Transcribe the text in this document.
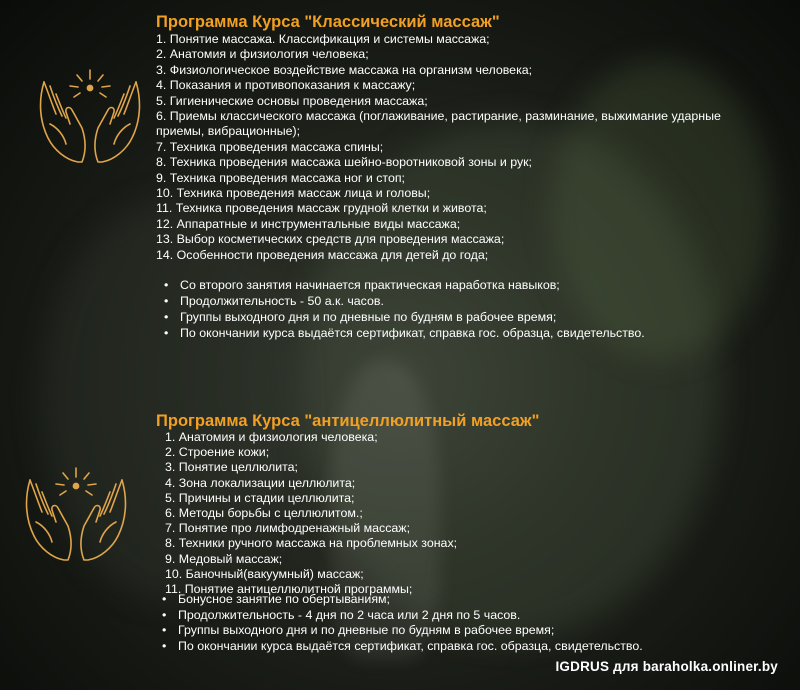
Программа Курса "Классический массаж"
1. Понятие массажа. Классификация и системы массажа;
2. Анатомия и физиология человека;
3. Физиологическое воздействие массажа на организм человека;
4. Показания и противопоказания к массажу;
5. Гигиенические основы проведения массажа;
6. Приемы классического массажа (поглаживание, растирание, разминание, выжимание ударные
приемы, вибрационные);
7. Техника проведения массажа спины;
8. Техника проведения массажа шейно-воротниковой зоны и рук;
9. Техника проведения массажа ног и стоп;
10. Техника проведения массаж лица и головы;
11. Техника проведения массаж грудной клетки и живота;
12. Аппаратные и инструментальные виды массажа;
13. Выбор косметических средств для проведения массажа;
14. Особенности проведения массажа для детей до года;
• Со второго занятия начинается практическая наработка навыков;
• Продолжительность - 50 а.к. часов.
• Группы выходного дня и по дневные по будням в рабочее время;
• По окончании курса выдаётся сертификат, справка гос. образца, свидетельство.
Программа Курса "антицеллюлитный массаж"
1. Анатомия и физиология человека;
2. Строение кожи;
3. Понятие целлюлита;
4. Зона локализации целлюлита;
5. Причины и стадии целлюлита;
6. Методы борьбы с целлюлитом.;
7. Понятие про лимфодренажный массаж;
8. Техники ручного массажа на проблемных зонах;
9. Медовый массаж;
10. Баночный(вакуумный) массаж;
11. Понятие антицеллюлитной программы;
• Бонусное занятие по обертываниям;
• Продолжительность - 4 дня по 2 часа или 2 дня по 5 часов.
• Группы выходного дня и по дневные по будням в рабочее время;
• По окончании курса выдаётся сертификат, справка гос. образца, свидетельство.
IGDRUS для baraholka.onliner.by
